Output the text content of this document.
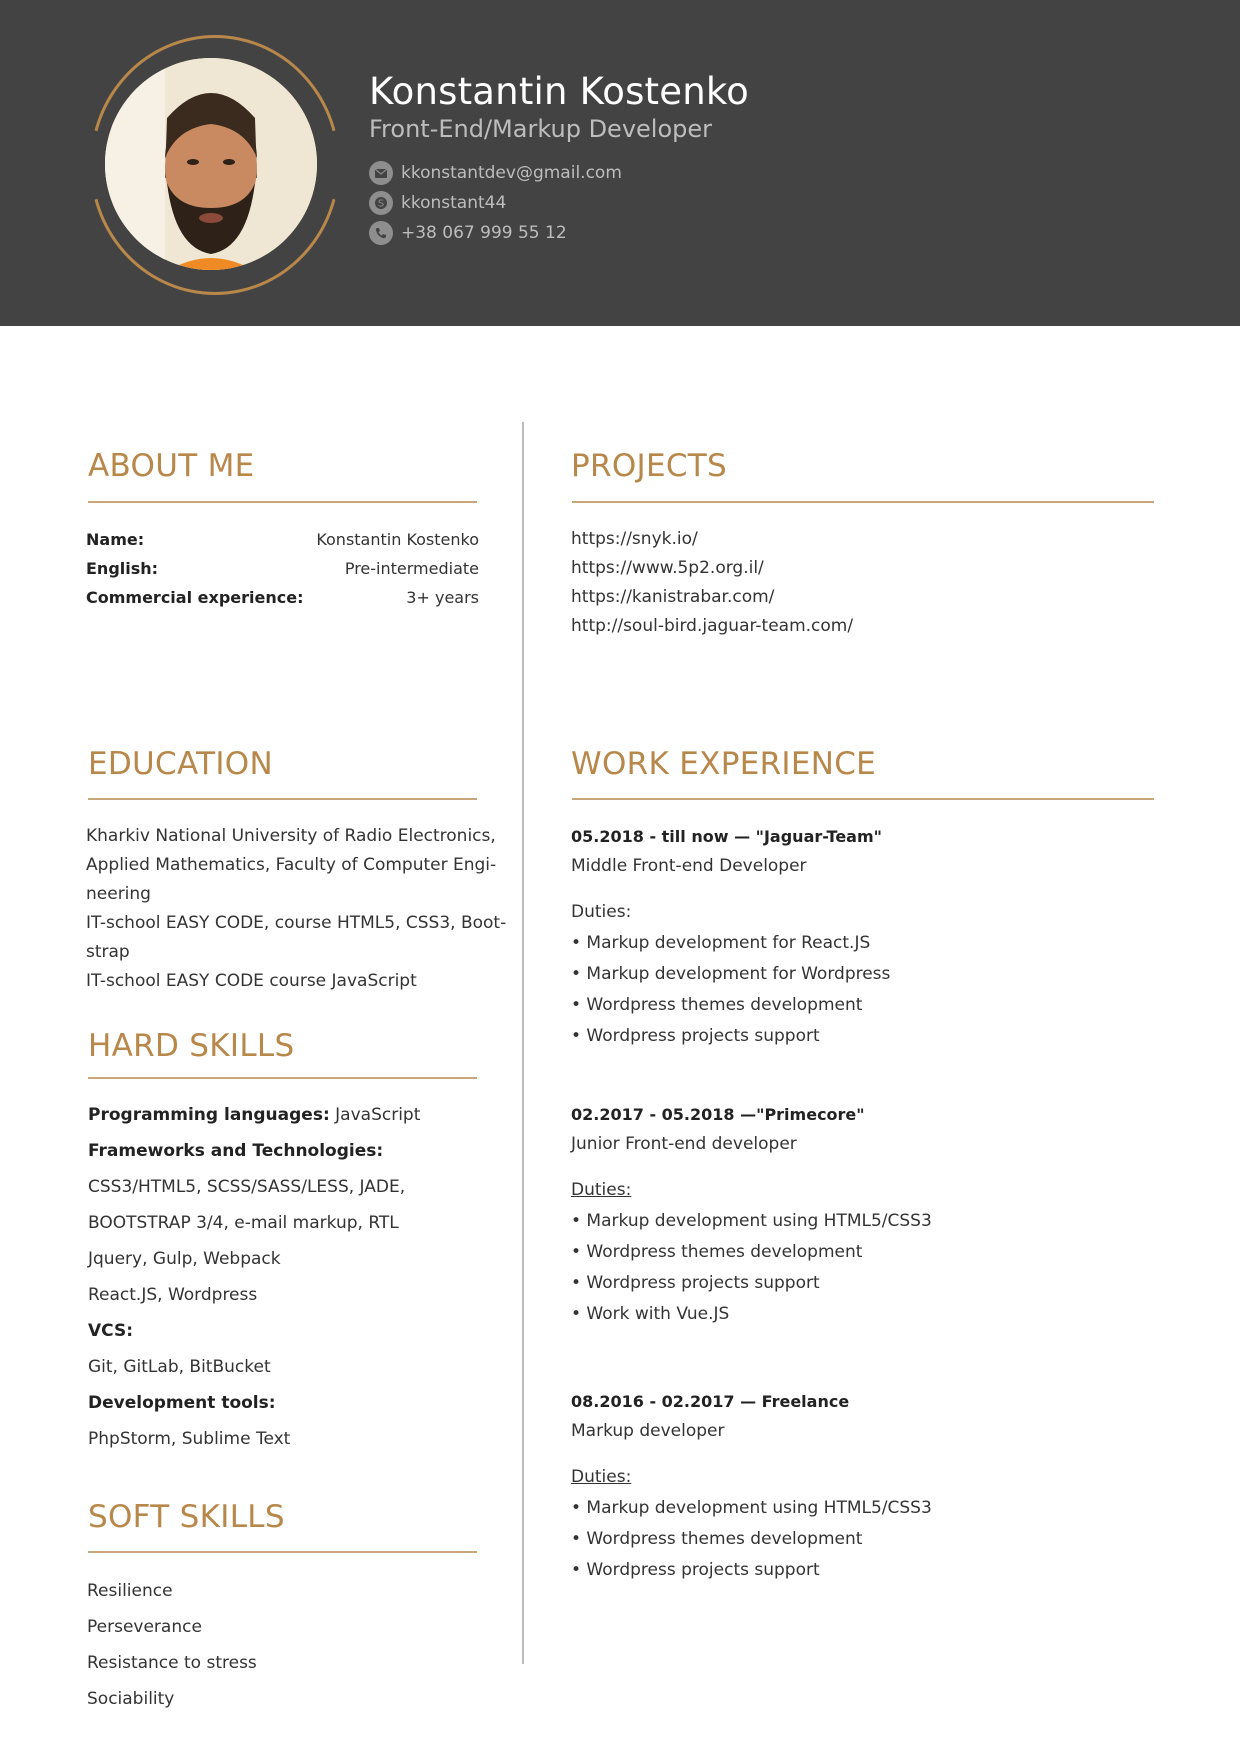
Konstantin Kostenko
Front-End/Markup Developer
kkonstantdev@gmail.com
S kkonstant44
+38 067 999 55 12
ABOUT ME
Name:	Konstantin Kostenko
English:	Pre-intermediate
Commercial experience:	3+ years
EDUCATION
Kharkiv National University of Radio Electronics,
Applied Mathematics, Faculty of Computer Engi-
neering
IT-school EASY CODE, course HTML5, CSS3, Boot-
strap
IT-school EASY CODE course JavaScript
HARD SKILLS
Programming languages: JavaScript
Frameworks and Technologies:
CSS3/HTML5, SCSS/SASS/LESS, JADE,
BOOTSTRAP 3/4, e-mail markup, RTL
Jquery, Gulp, Webpack
React.JS, Wordpress
VCS:
Git, GitLab, BitBucket
Development tools:
PhpStorm, Sublime Text
SOFT SKILLS
Resilience
Perseverance
Resistance to stress
Sociability
PROJECTS
https://snyk.io/
https://www.5p2.org.il/
https://kanistrabar.com/
http://soul-bird.jaguar-team.com/
WORK EXPERIENCE
05.2018 - till now — "Jaguar-Team"
Middle Front-end Developer
Duties:
• Markup development for React.JS
• Markup development for Wordpress
• Wordpress themes development
• Wordpress projects support
02.2017 - 05.2018 —"Primecore"
Junior Front-end developer
Duties:
• Markup development using HTML5/CSS3
• Wordpress themes development
• Wordpress projects support
• Work with Vue.JS
08.2016 - 02.2017 — Freelance
Markup developer
Duties:
• Markup development using HTML5/CSS3
• Wordpress themes development
• Wordpress projects support
